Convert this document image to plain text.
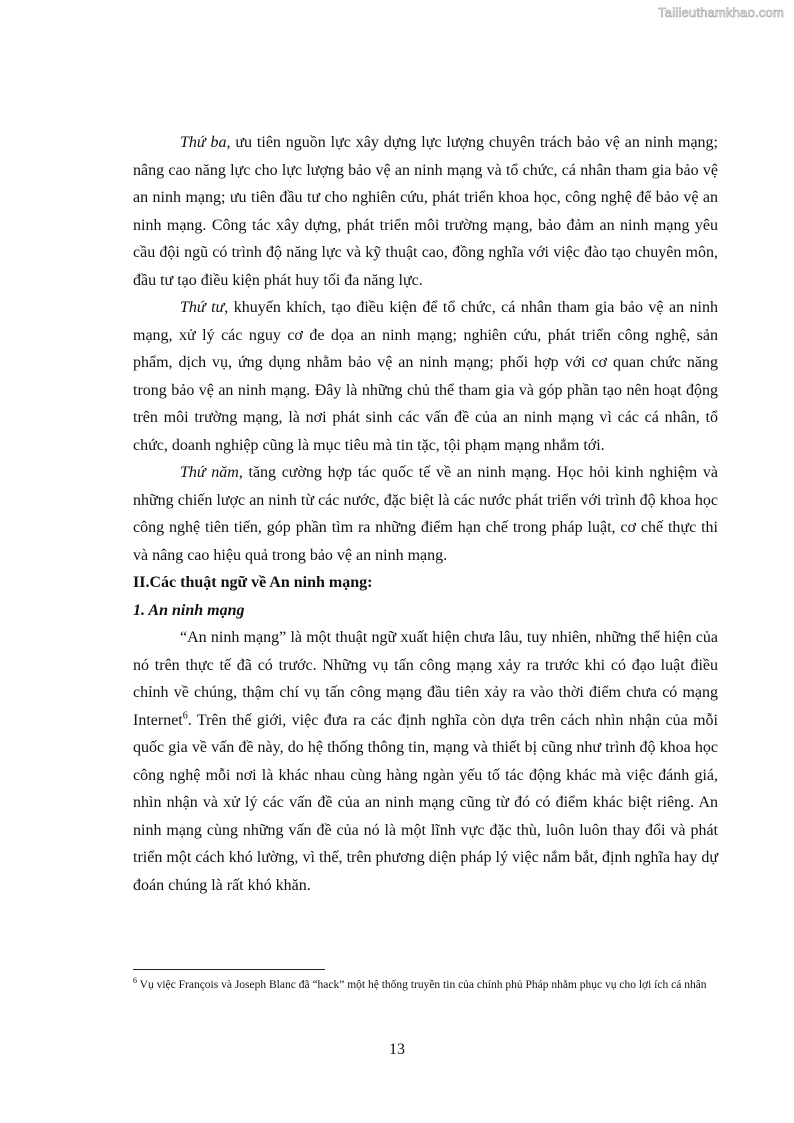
Tailieuthamkhao.com

Thứ ba, ưu tiên nguồn lực xây dựng lực lượng chuyên trách bảo vệ an ninh mạng; nâng cao năng lực cho lực lượng bảo vệ an ninh mạng và tổ chức, cá nhân tham gia bảo vệ an ninh mạng; ưu tiên đầu tư cho nghiên cứu, phát triển khoa học, công nghệ để bảo vệ an ninh mạng. Công tác xây dựng, phát triển môi trường mạng, bảo đảm an ninh mạng yêu cầu đội ngũ có trình độ năng lực và kỹ thuật cao, đồng nghĩa với việc đào tạo chuyên môn, đầu tư tạo điều kiện phát huy tối đa năng lực.

Thứ tư, khuyến khích, tạo điều kiện để tổ chức, cá nhân tham gia bảo vệ an ninh mạng, xử lý các nguy cơ đe dọa an ninh mạng; nghiên cứu, phát triển công nghệ, sản phẩm, dịch vụ, ứng dụng nhằm bảo vệ an ninh mạng; phối hợp với cơ quan chức năng trong bảo vệ an ninh mạng. Đây là những chủ thể tham gia và góp phần tạo nên hoạt động trên môi trường mạng, là nơi phát sinh các vấn đề của an ninh mạng vì các cá nhân, tổ chức, doanh nghiệp cũng là mục tiêu mà tin tặc, tội phạm mạng nhắm tới.

Thứ năm, tăng cường hợp tác quốc tế về an ninh mạng. Học hỏi kinh nghiệm và những chiến lược an ninh từ các nước, đặc biệt là các nước phát triển với trình độ khoa học công nghệ tiên tiến, góp phần tìm ra những điểm hạn chế trong pháp luật, cơ chế thực thi và nâng cao hiệu quả trong bảo vệ an ninh mạng.

II.Các thuật ngữ về An ninh mạng:
1. An ninh mạng

“An ninh mạng” là một thuật ngữ xuất hiện chưa lâu, tuy nhiên, những thể hiện của nó trên thực tế đã có trước. Những vụ tấn công mạng xảy ra trước khi có đạo luật điều chỉnh về chúng, thậm chí vụ tấn công mạng đầu tiên xảy ra vào thời điểm chưa có mạng Internet$^6$. Trên thế giới, việc đưa ra các định nghĩa còn dựa trên cách nhìn nhận của mỗi quốc gia về vấn đề này, do hệ thống thông tin, mạng và thiết bị cũng như trình độ khoa học công nghệ mỗi nơi là khác nhau cùng hàng ngàn yếu tố tác động khác mà việc đánh giá, nhìn nhận và xử lý các vấn đề của an ninh mạng cũng từ đó có điểm khác biệt riêng. An ninh mạng cùng những vấn đề của nó là một lĩnh vực đặc thù, luôn luôn thay đổi và phát triển một cách khó lường, vì thế, trên phương diện pháp lý việc nắm bắt, định nghĩa hay dự đoán chúng là rất khó khăn.

$^6$ Vụ việc François và Joseph Blanc đã “hack” một hệ thống truyền tin của chính phủ Pháp nhằm phục vụ cho lợi ích cá nhân
13
